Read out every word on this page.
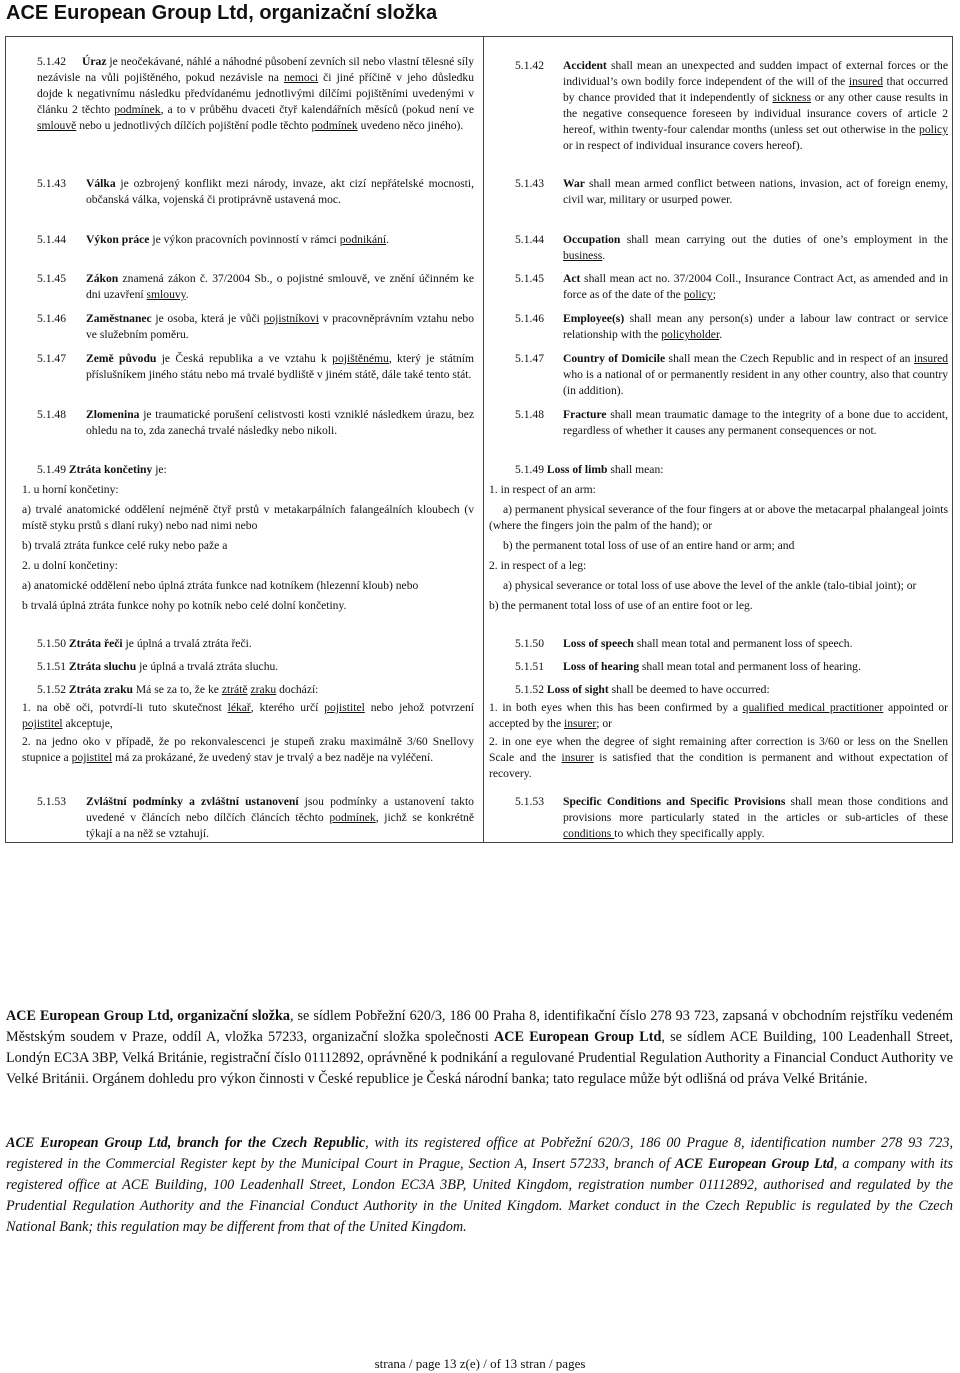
ACE European Group Ltd, organizační složka
5.1.42	Úraz je neočekávané, náhlé a náhodné působení zevních sil nebo vlastní tělesné síly nezávisle na vůli pojištěného, pokud nezávisle na nemoci či jiné příčině v jeho důsledku dojde k negativnímu následku předvídanému jednotlivými dílčími pojištěními uvedenými v článku 2 těchto podmínek, a to v průběhu dvaceti čtyř kalendářních měsíců (pokud není ve smlouvě nebo u jednotlivých dílčích pojištění podle těchto podmínek uvedeno něco jiného).
5.1.43	Válka je ozbrojený konflikt mezi národy, invaze, akt cizí nepřátelské mocnosti, občanská válka, vojenská či protiprávně ustavená moc.
5.1.44	Výkon práce je výkon pracovních povinností v rámci podnikání.
5.1.45	Zákon znamená zákon č. 37/2004 Sb., o pojistné smlouvě, ve znění účinném ke dni uzavření smlouvy.
5.1.46	Zaměstnanec je osoba, která je vůči pojistníkovi v pracovněprávním vztahu nebo ve služebním poměru.
5.1.47	Země původu je Česká republika a ve vztahu k pojištěnému, který je státním příslušníkem jiného státu nebo má trvalé bydliště v jiném státě, dále také tento stát.
5.1.48	Zlomenina je traumatické porušení celistvosti kosti vzniklé následkem úrazu, bez ohledu na to, zda zanechá trvalé následky nebo nikoli.
5.1.49 Ztráta končetiny je:

1. u horní končetiny:

a) trvalé anatomické oddělení nejméně čtyř prstů v metakarpálních falangeálních kloubech (v místě styku prstů s dlaní ruky) nebo nad nimi nebo

b) trvalá ztráta funkce celé ruky nebo paže a

2. u dolní končetiny:

a) anatomické oddělení nebo úplná ztráta funkce nad kotníkem (hlezenní kloub) nebo

b trvalá úplná ztráta funkce nohy po kotník nebo celé dolní končetiny.

5.1.50 Ztráta řeči je úplná a trvalá ztráta řeči.
5.1.51 Ztráta sluchu je úplná a trvalá ztráta sluchu.
5.1.52 Ztráta zraku Má se za to, že ke ztrátě zraku dochází:

1. na obě oči, potvrdí-li tuto skutečnost lékař, kterého určí pojistitel nebo jehož potvrzení pojistitel akceptuje,

2. na jedno oko v případě, že po rekonvalescenci je stupeň zraku maximálně 3/60 Snellovy stupnice a pojistitel má za prokázané, že uvedený stav je trvalý a bez naděje na vyléčení.

5.1.53	Zvláštní podmínky a zvláštní ustanovení jsou podmínky a ustanovení takto uvedené v článcích nebo dílčích článcích těchto podmínek, jichž se konkrétně týkají a na něž se vztahují.
5.1.42	Accident shall mean an unexpected and sudden impact of external forces or the individual’s own bodily force independent of the will of the insured that occurred by chance provided that it independently of sickness or any other cause results in the negative consequence foreseen by individual insurance covers of article 2 hereof, within twenty-four calendar months (unless set out otherwise in the policy or in respect of individual insurance covers hereof).
5.1.43	War shall mean armed conflict between nations, invasion, act of foreign enemy, civil war, military or usurped power.
5.1.44	Occupation shall mean carrying out the duties of one’s employment in the business.
5.1.45	Act shall mean act no. 37/2004 Coll., Insurance Contract Act, as amended and in force as of the date of the policy;
5.1.46	Employee(s) shall mean any person(s) under a labour law contract or service relationship with the policyholder.
5.1.47	Country of Domicile shall mean the Czech Republic and in respect of an insured who is a national of or permanently resident in any other country, also that country (in addition).
5.1.48	Fracture shall mean traumatic damage to the integrity of a bone due to accident, regardless of whether it causes any permanent consequences or not.
5.1.49 Loss of limb shall mean:

1. in respect of an arm:

a) permanent physical severance of the four fingers at or above the metacarpal phalangeal joints (where the fingers join the palm of the hand); or

b) the permanent total loss of use of an entire hand or arm; and

2. in respect of a leg:

a) physical severance or total loss of use above the level of the ankle (talo-tibial joint); or

b) the permanent total loss of use of an entire foot or leg.

5.1.50	Loss of speech shall mean total and permanent loss of speech.
5.1.51	Loss of hearing shall mean total and permanent loss of hearing.
5.1.52 Loss of sight shall be deemed to have occurred:

1. in both eyes when this has been confirmed by a qualified medical practitioner appointed or accepted by the insurer; or

2. in one eye when the degree of sight remaining after correction is 3/60 or less on the Snellen Scale and the insurer is satisfied that the condition is permanent and without expectation of recovery.

5.1.53	Specific Conditions and Specific Provisions shall mean those conditions and provisions more particularly stated in the articles or sub-articles of these conditions to which they specifically apply.
ACE European Group Ltd, organizační složka, se sídlem Pobřežní 620/3, 186 00 Praha 8, identifikační číslo 278 93 723, zapsaná v obchodním rejstříku vedeném Městským soudem v Praze, oddíl A, vložka 57233, organizační složka společnosti ACE European Group Ltd, se sídlem ACE Building, 100 Leadenhall Street, Londýn EC3A 3BP, Velká Británie, registrační číslo 01112892, oprávněné k podnikání a regulované Prudential Regulation Authority a Financial Conduct Authority ve Velké Británii. Orgánem dohledu pro výkon činnosti v České republice je Česká národní banka; tato regulace může být odlišná od práva Velké Británie.
ACE European Group Ltd, branch for the Czech Republic, with its registered office at Pobřežní 620/3, 186 00 Prague 8, identification number 278 93 723, registered in the Commercial Register kept by the Municipal Court in Prague, Section A, Insert 57233, branch of ACE European Group Ltd, a company with its registered office at ACE Building, 100 Leadenhall Street, London EC3A 3BP, United Kingdom, registration number 01112892, authorised and regulated by the Prudential Regulation Authority and the Financial Conduct Authority in the United Kingdom. Market conduct in the Czech Republic is regulated by the Czech National Bank; this regulation may be different from that of the United Kingdom.
strana / page 13 z(e) / of 13 stran / pages
